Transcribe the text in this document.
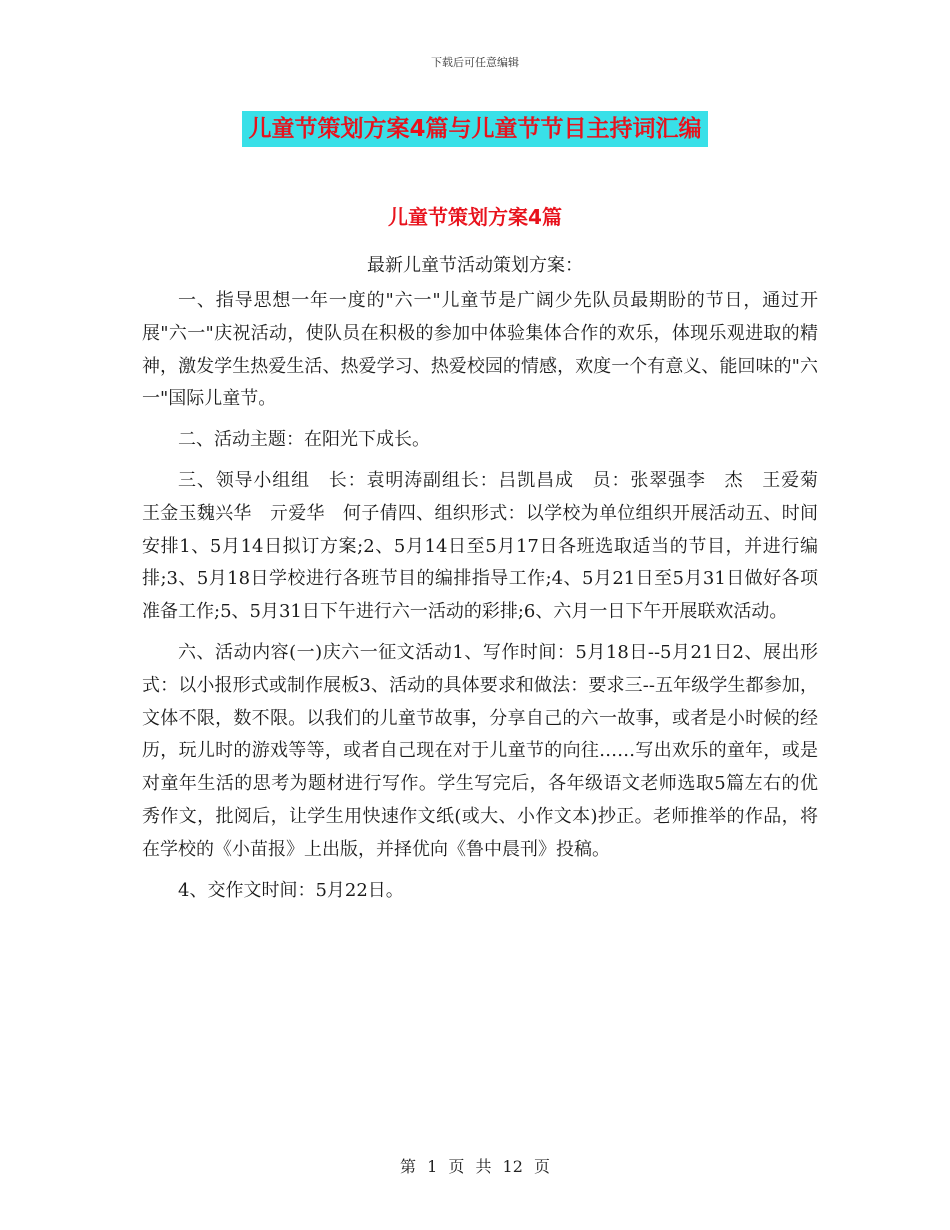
下载后可任意编辑
儿童节策划方案4篇与儿童节节目主持词汇编
儿童节策划方案4篇
最新儿童节活动策划方案：

一、指导思想一年一度的"六一"儿童节是广阔少先队员最期盼的节日，通过开展"六一"庆祝活动，使队员在积极的参加中体验集体合作的欢乐，体现乐观进取的精神，激发学生热爱生活、热爱学习、热爱校园的情感，欢度一个有意义、能回味的"六一"国际儿童节。

二、活动主题：在阳光下成长。

三、领导小组组　长：袁明涛副组长：吕凯昌成　员：张翠强李　杰　王爱菊　王金玉魏兴华　亓爱华　何子倩四、组织形式：以学校为单位组织开展活动五、时间安排1、5月14日拟订方案;2、5月14日至5月17日各班选取适当的节目，并进行编排;3、5月18日学校进行各班节目的编排指导工作;4、5月21日至5月31日做好各项准备工作;5、5月31日下午进行六一活动的彩排;6、六月一日下午开展联欢活动。

六、活动内容(一)庆六一征文活动1、写作时间：5月18日--5月21日2、展出形式：以小报形式或制作展板3、活动的具体要求和做法：要求三--五年级学生都参加，文体不限，数不限。以我们的儿童节故事，分享自己的六一故事，或者是小时候的经历，玩儿时的游戏等等，或者自己现在对于儿童节的向往……写出欢乐的童年，或是对童年生活的思考为题材进行写作。学生写完后，各年级语文老师选取5篇左右的优秀作文，批阅后，让学生用快速作文纸(或大、小作文本)抄正。老师推举的作品，将在学校的《小苗报》上出版，并择优向《鲁中晨刊》投稿。

4、交作文时间：5月22日。

第 1 页 共 12 页
